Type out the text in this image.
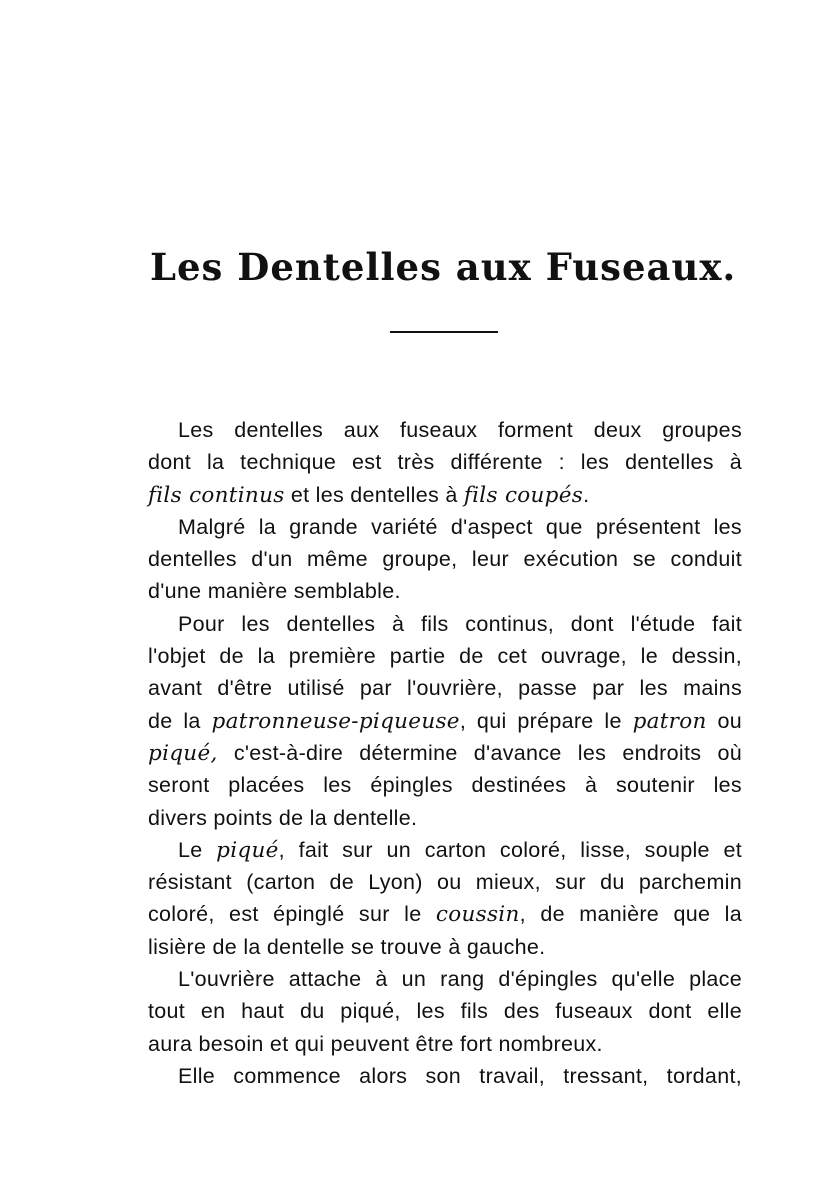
Les Dentelles aux Fuseaux.
Les dentelles aux fuseaux forment deux groupes
dont la technique est très différente : les dentelles à
fils continus et les dentelles à fils coupés.
Malgré la grande variété d'aspect que présentent les
dentelles d'un même groupe, leur exécution se conduit
d'une manière semblable.
Pour les dentelles à fils continus, dont l'étude fait
l'objet de la première partie de cet ouvrage, le dessin,
avant d'être utilisé par l'ouvrière, passe par les mains
de la patronneuse-piqueuse, qui prépare le patron ou
piqué, c'est-à-dire détermine d'avance les endroits où
seront placées les épingles destinées à soutenir les
divers points de la dentelle.
Le piqué, fait sur un carton coloré, lisse, souple et
résistant (carton de Lyon) ou mieux, sur du parchemin
coloré, est épinglé sur le coussin, de manière que la
lisière de la dentelle se trouve à gauche.
L'ouvrière attache à un rang d'épingles qu'elle place
tout en haut du piqué, les fils des fuseaux dont elle
aura besoin et qui peuvent être fort nombreux.
Elle commence alors son travail, tressant, tordant,
